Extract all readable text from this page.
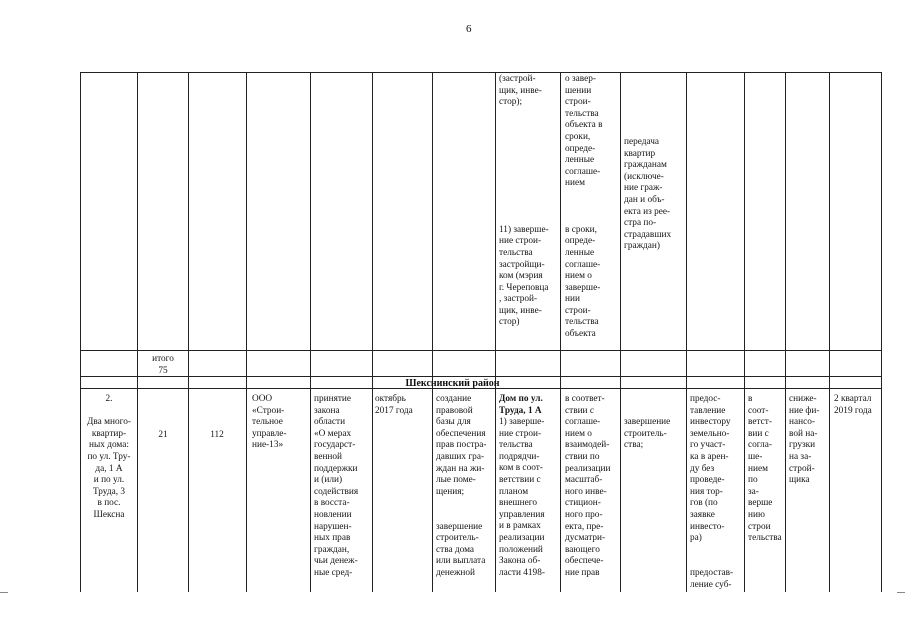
6
(застрой-
щик, инве-
стор);

11) заверше-
ние строи-
тельства
застройщи-
ком (мэрия
г. Череповца
, застрой-
щик, инве-
стор)
о завер-
шении
строи-
тельства
объекта в
сроки,
опреде-
ленные
соглаше-
нием

в сроки,
опреде-
ленные
соглаше-
нием о
заверше-
нии
строи-
тельства
объекта
передача
квартир
гражданам
(исключе-
ние граж-
дан и объ-
екта из рее-
стра по-
страдавших
граждан)
итого
75
Шекснинский район
2.

Два много-
квартир-
ных дома:
по ул. Тру-
да, 1 А
и по ул.
Труда, 3
в пос.
Шексна
21	112
ООО
«Строи-
тельное
управле-
ние-13»
принятие
закона
области
«О мерах
государст-
венной
поддержки
и (или)
содействия
в восста-
новлении
нарушен-
ных прав
граждан,
чьи денеж-
ные сред-
октябрь
2017 года
создание
правовой
базы для
обеспечения
прав постра-
давших гра-
ждан на жи-
лые поме-
щения;

завершение
строитель-
ства дома
или выплата
денежной
Дом по ул.
Труда, 1 А
1) заверше-
ние строи-
тельства
подрядчи-
ком в соот-
ветствии с
планом
внешнего
управления
и в рамках
реализации
положений
Закона об-
ласти 4198-
в соответ-
ствии с
соглаше-
нием о
взаимодей-
ствии по
реализации
масштаб-
ного инве-
стицион-
ного про-
екта, пре-
дусматри-
вающего
обеспече-
ние прав
завершение
строитель-
ства;
предос-
тавление
инвестору
земельно-
го участ-
ка в арен-
ду без
проведе-
ния тор-
гов (по
заявке
инвесто-
ра)

предостав-
ление суб-
в
соот-
ветст-
вии с
согла-
ше-
нием
по
за-
верше
нию
строи
тельства
сниже-
ние фи-
нансо-
вой на-
грузки
на за-
строй-
щика
2 квартал
2019 года
